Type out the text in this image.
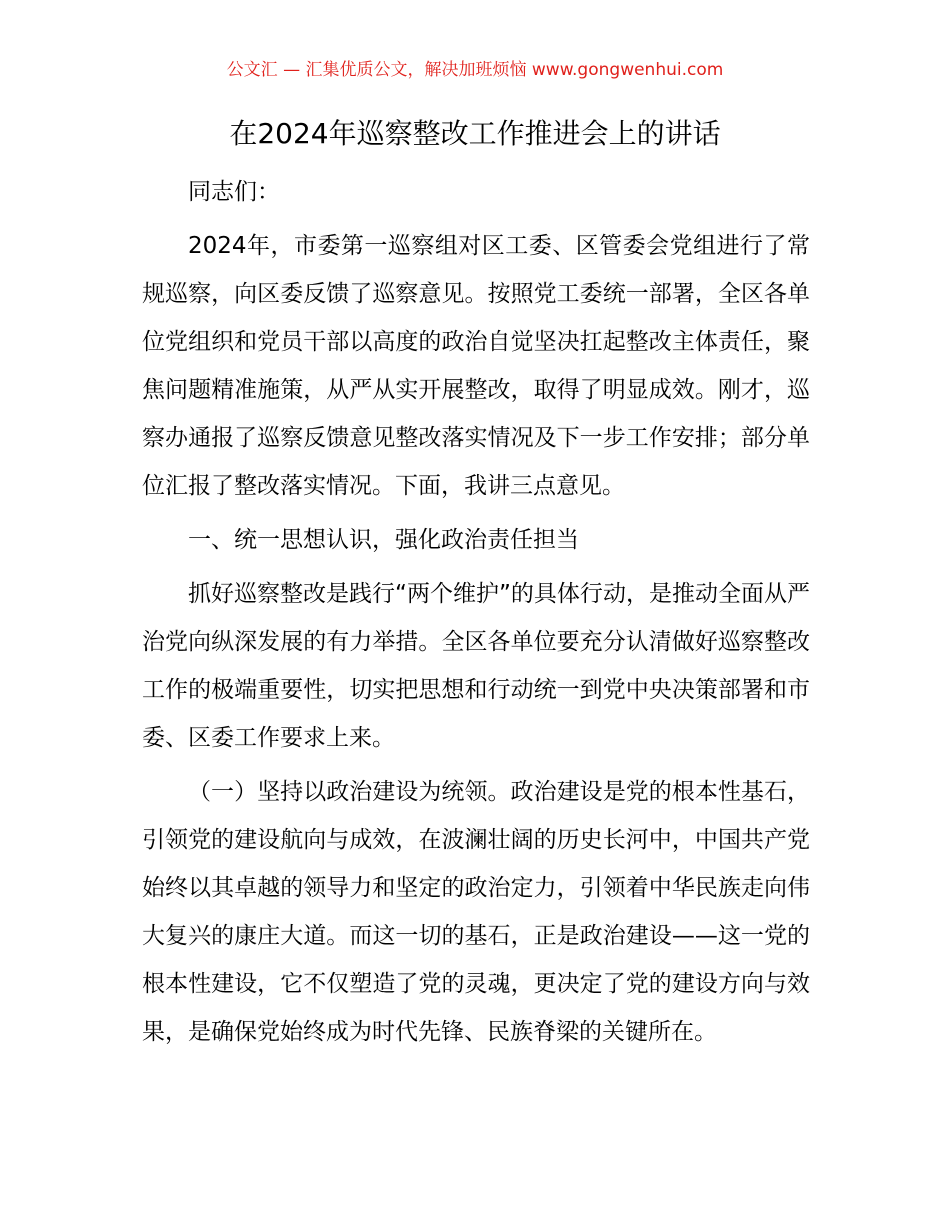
公文汇 — 汇集优质公文，解决加班烦恼 www.gongwenhui.com
在2024年巡察整改工作推进会上的讲话

同志们：

2024年，市委第一巡察组对区工委、区管委会党组进行了常规巡察，向区委反馈了巡察意见。按照党工委统一部署，全区各单位党组织和党员干部以高度的政治自觉坚决扛起整改主体责任，聚焦问题精准施策，从严从实开展整改，取得了明显成效。刚才，巡察办通报了巡察反馈意见整改落实情况及下一步工作安排；部分单位汇报了整改落实情况。下面，我讲三点意见。

一、统一思想认识，强化政治责任担当

抓好巡察整改是践行“两个维护”的具体行动，是推动全面从严治党向纵深发展的有力举措。全区各单位要充分认清做好巡察整改工作的极端重要性，切实把思想和行动统一到党中央决策部署和市委、区委工作要求上来。

（一）坚持以政治建设为统领。政治建设是党的根本性基石，引领党的建设航向与成效，在波澜壮阔的历史长河中，中国共产党始终以其卓越的领导力和坚定的政治定力，引领着中华民族走向伟大复兴的康庄大道。而这一切的基石，正是政治建设——这一党的根本性建设，它不仅塑造了党的灵魂，更决定了党的建设方向与效果，是确保党始终成为时代先锋、民族脊梁的关键所在。
